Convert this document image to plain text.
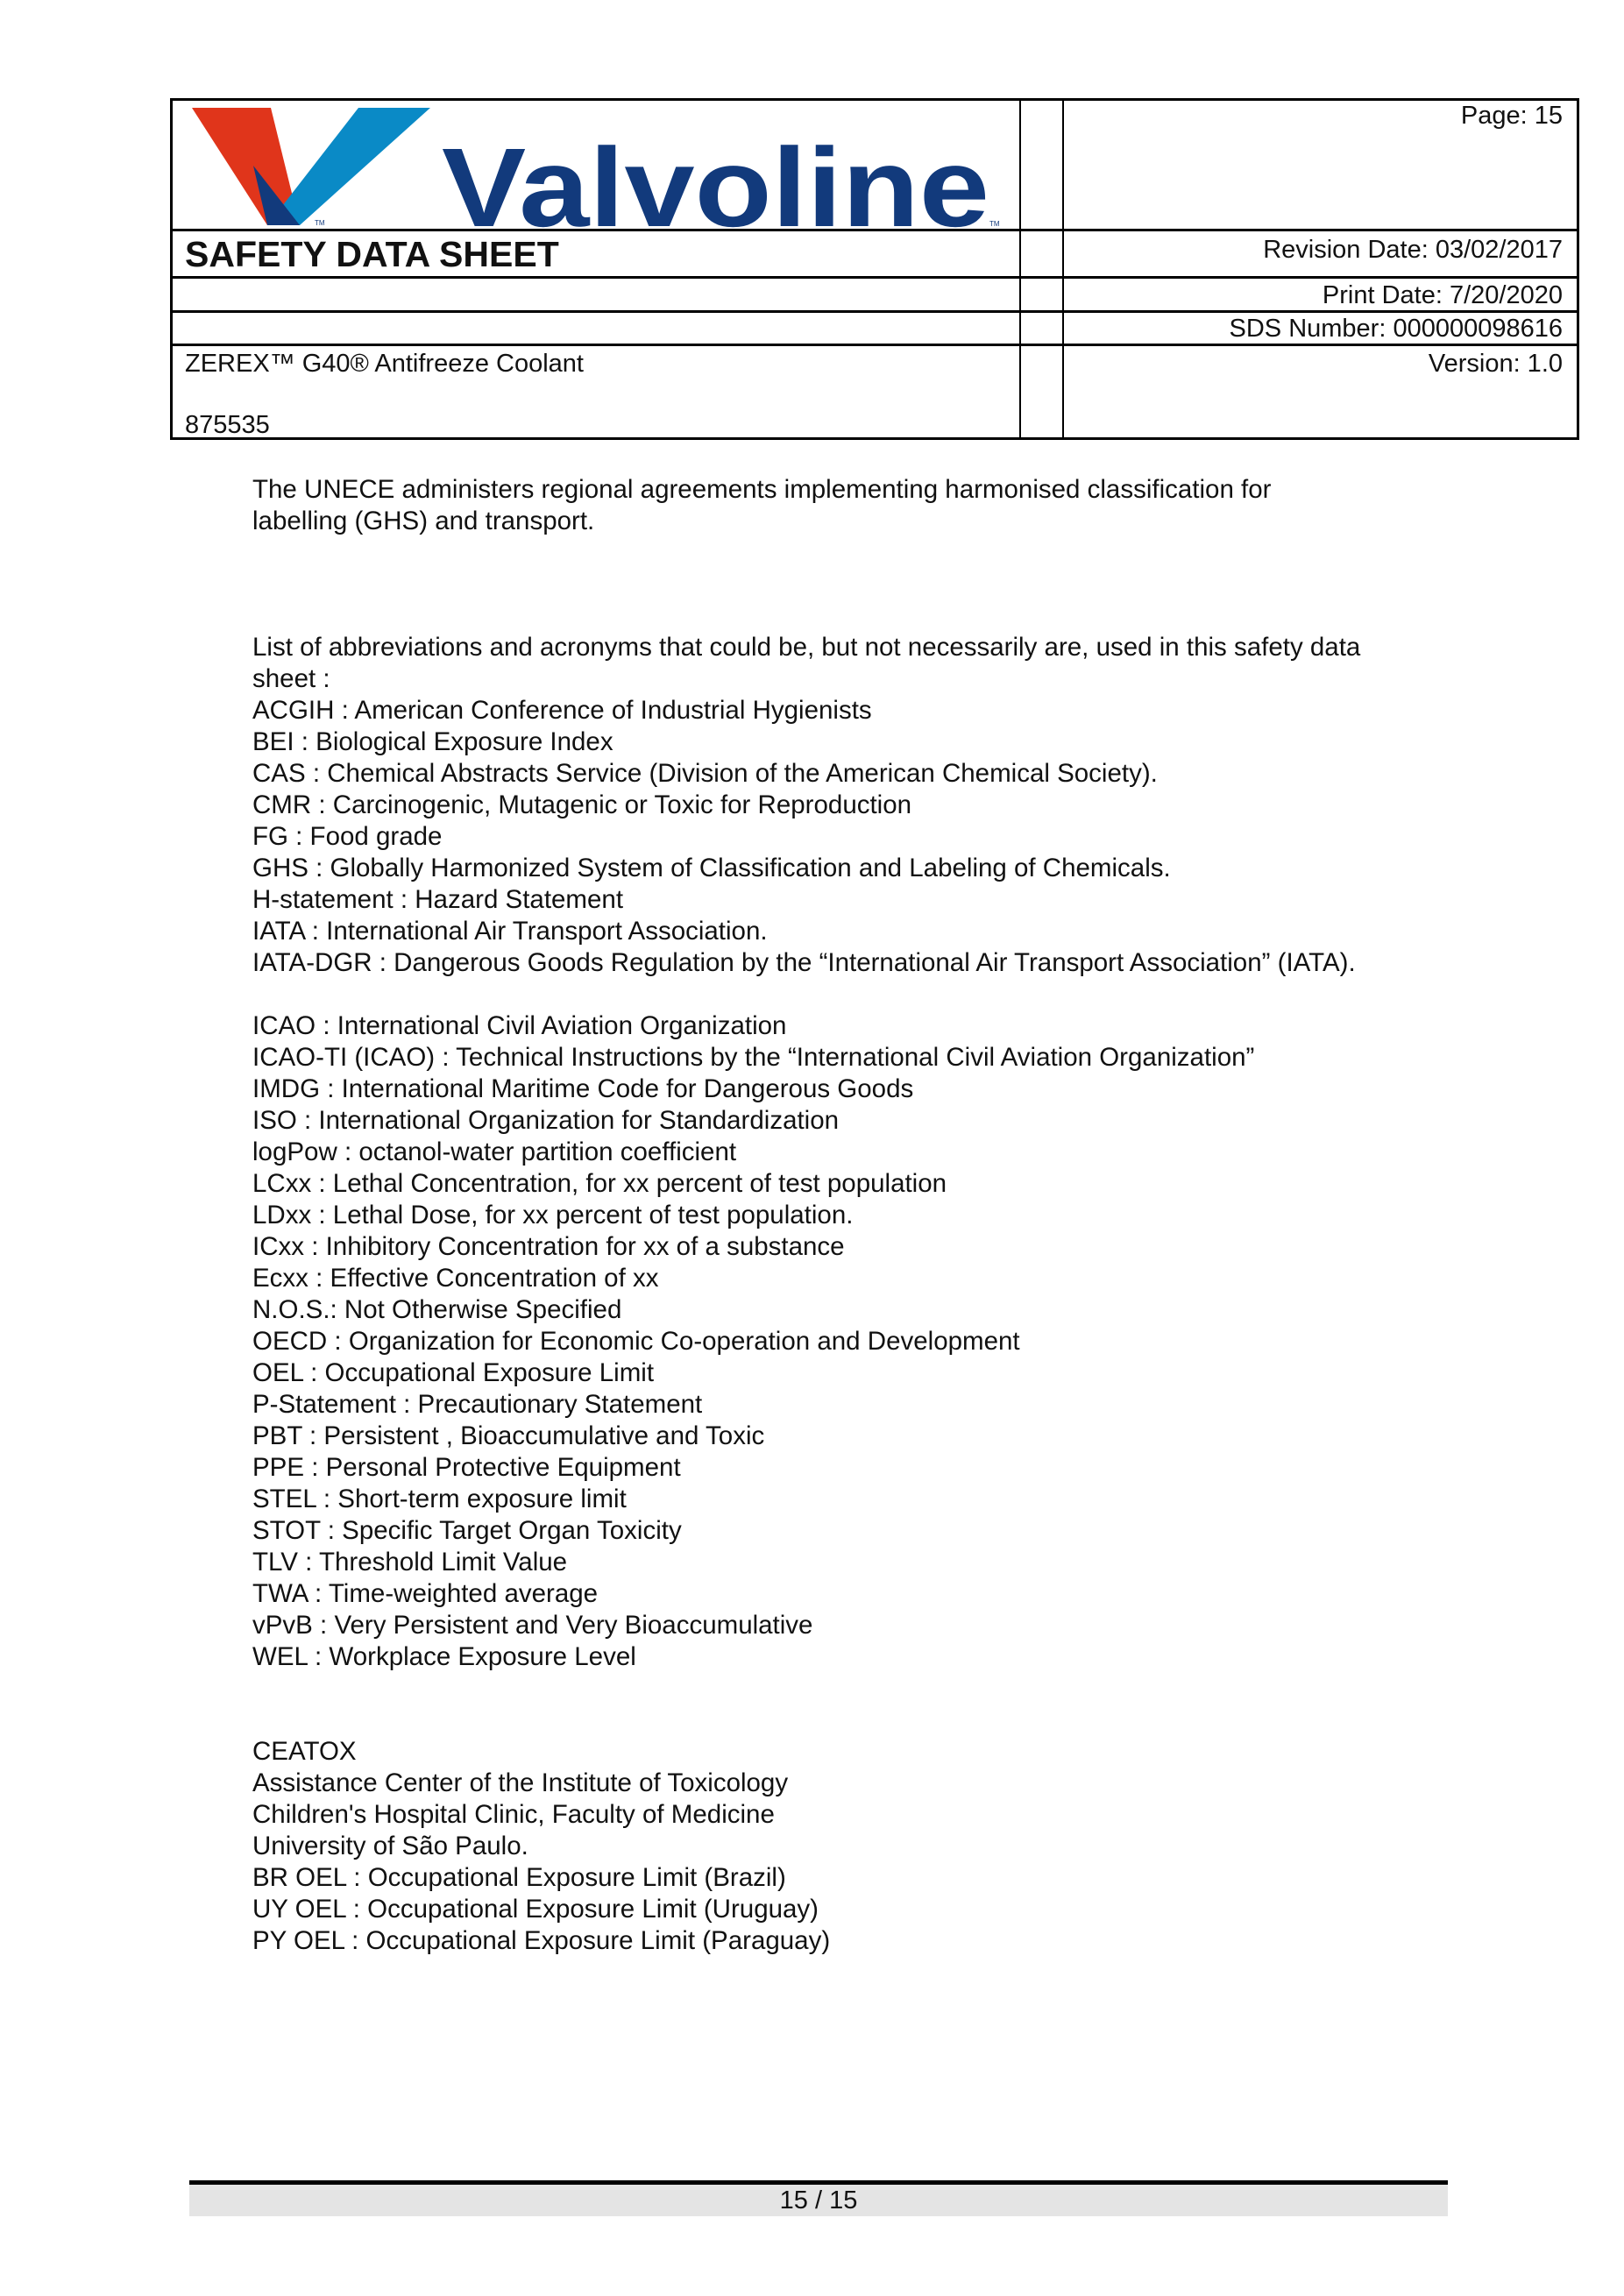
TM Valvoline TM
SAFETY DATA SHEET
Page: 15
Revision Date: 03/02/2017
Print Date: 7/20/2020
SDS Number: 000000098616
Version: 1.0
ZEREX™ G40® Antifreeze Coolant
875535
The UNECE administers regional agreements implementing harmonised classification for
labelling (GHS) and transport.
List of abbreviations and acronyms that could be, but not necessarily are, used in this safety data
sheet :
ACGIH : American Conference of Industrial Hygienists
BEI : Biological Exposure Index
CAS : Chemical Abstracts Service (Division of the American Chemical Society).
CMR : Carcinogenic, Mutagenic or Toxic for Reproduction
FG : Food grade
GHS : Globally Harmonized System of Classification and Labeling of Chemicals.
H-statement : Hazard Statement
IATA : International Air Transport Association.
IATA-DGR : Dangerous Goods Regulation by the “International Air Transport Association” (IATA).
ICAO : International Civil Aviation Organization
ICAO-TI (ICAO) : Technical Instructions by the “International Civil Aviation Organization”
IMDG : International Maritime Code for Dangerous Goods
ISO : International Organization for Standardization
logPow : octanol-water partition coefficient
LCxx : Lethal Concentration, for xx percent of test population
LDxx : Lethal Dose, for xx percent of test population.
ICxx : Inhibitory Concentration for xx of a substance
Ecxx : Effective Concentration of xx
N.O.S.: Not Otherwise Specified
OECD : Organization for Economic Co-operation and Development
OEL : Occupational Exposure Limit
P-Statement : Precautionary Statement
PBT : Persistent , Bioaccumulative and Toxic
PPE : Personal Protective Equipment
STEL : Short-term exposure limit
STOT : Specific Target Organ Toxicity
TLV : Threshold Limit Value
TWA : Time-weighted average
vPvB : Very Persistent and Very Bioaccumulative
WEL : Workplace Exposure Level
CEATOX
Assistance Center of the Institute of Toxicology
Children's Hospital Clinic, Faculty of Medicine
University of São Paulo.
BR OEL : Occupational Exposure Limit (Brazil)
UY OEL : Occupational Exposure Limit (Uruguay)
PY OEL : Occupational Exposure Limit (Paraguay)
15 / 15
